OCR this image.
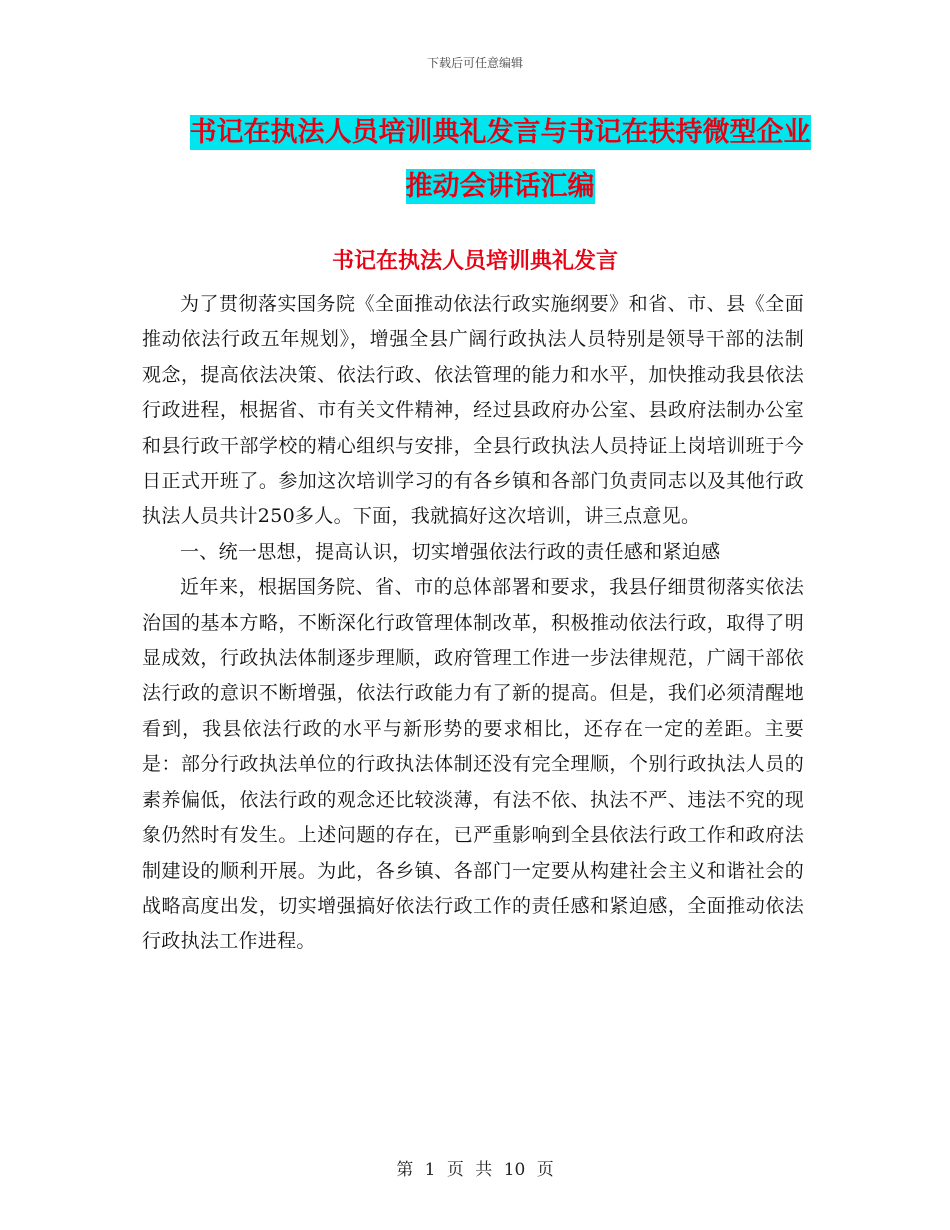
下载后可任意编辑
书记在执法人员培训典礼发言与书记在扶持微型企业
推动会讲话汇编
书记在执法人员培训典礼发言

为了贯彻落实国务院《全面推动依法行政实施纲要》和省、市、县《全面推动依法行政五年规划》，增强全县广阔行政执法人员特别是领导干部的法制观念，提高依法决策、依法行政、依法管理的能力和水平，加快推动我县依法行政进程，根据省、市有关文件精神，经过县政府办公室、县政府法制办公室和县行政干部学校的精心组织与安排，全县行政执法人员持证上岗培训班于今日正式开班了。参加这次培训学习的有各乡镇和各部门负责同志以及其他行政执法人员共计250多人。下面，我就搞好这次培训，讲三点意见。

一、统一思想，提高认识，切实增强依法行政的责任感和紧迫感

近年来，根据国务院、省、市的总体部署和要求，我县仔细贯彻落实依法治国的基本方略，不断深化行政管理体制改革，积极推动依法行政，取得了明显成效，行政执法体制逐步理顺，政府管理工作进一步法律规范，广阔干部依法行政的意识不断增强，依法行政能力有了新的提高。但是，我们必须清醒地看到，我县依法行政的水平与新形势的要求相比，还存在一定的差距。主要是：部分行政执法单位的行政执法体制还没有完全理顺，个别行政执法人员的素养偏低，依法行政的观念还比较淡薄，有法不依、执法不严、违法不究的现象仍然时有发生。上述问题的存在，已严重影响到全县依法行政工作和政府法制建设的顺利开展。为此，各乡镇、各部门一定要从构建社会主义和谐社会的战略高度出发，切实增强搞好依法行政工作的责任感和紧迫感，全面推动依法行政执法工作进程。

第 1 页 共 10 页
